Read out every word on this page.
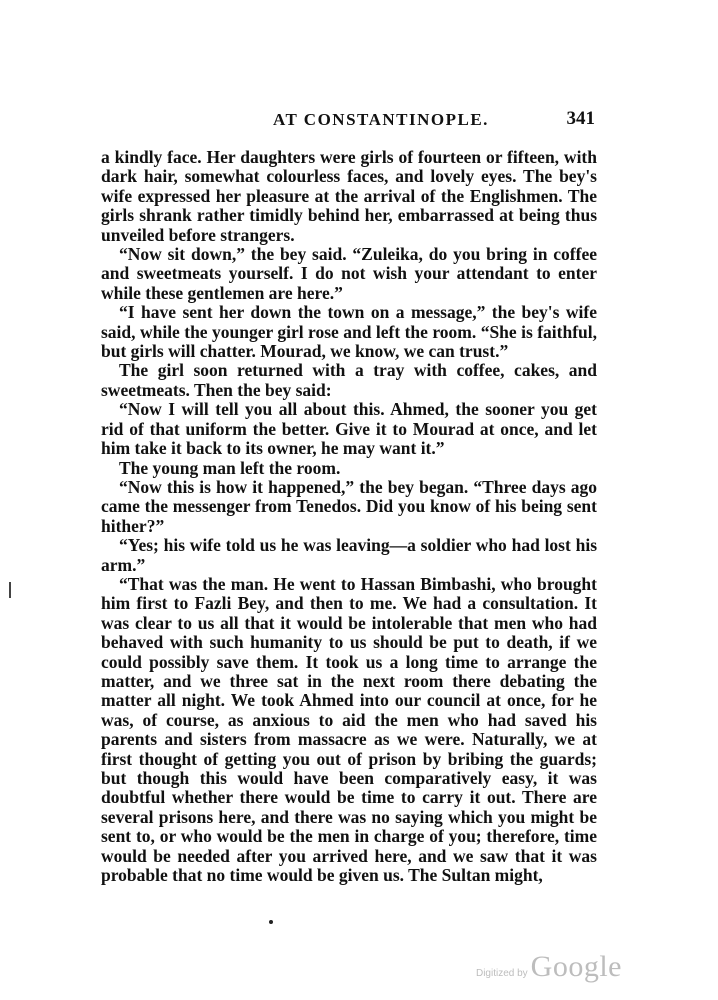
AT CONSTANTINOPLE.	341

a kindly face. Her daughters were girls of fourteen or fifteen, with dark hair, somewhat colourless faces, and lovely eyes. The bey's wife expressed her pleasure at the arrival of the Englishmen. The girls shrank rather timidly behind her, embarrassed at being thus unveiled before strangers.

“Now sit down,” the bey said. “Zuleika, do you bring in coffee and sweetmeats yourself. I do not wish your attendant to enter while these gentlemen are here.”

“I have sent her down the town on a message,” the bey's wife said, while the younger girl rose and left the room. “She is faithful, but girls will chatter. Mourad, we know, we can trust.”

The girl soon returned with a tray with coffee, cakes, and sweetmeats. Then the bey said:

“Now I will tell you all about this. Ahmed, the sooner you get rid of that uniform the better. Give it to Mourad at once, and let him take it back to its owner, he may want it.”

The young man left the room.

“Now this is how it happened,” the bey began. “Three days ago came the messenger from Tenedos. Did you know of his being sent hither?”

“Yes; his wife told us he was leaving—a soldier who had lost his arm.”

“That was the man. He went to Hassan Bimbashi, who brought him first to Fazli Bey, and then to me. We had a consultation. It was clear to us all that it would be intolerable that men who had behaved with such humanity to us should be put to death, if we could possibly save them. It took us a long time to arrange the matter, and we three sat in the next room there debating the matter all night. We took Ahmed into our council at once, for he was, of course, as anxious to aid the men who had saved his parents and sisters from massacre as we were. Naturally, we at first thought of getting you out of prison by bribing the guards; but though this would have been comparatively easy, it was doubtful whether there would be time to carry it out. There are several prisons here, and there was no saying which you might be sent to, or who would be the men in charge of you; therefore, time would be needed after you arrived here, and we saw that it was probable that no time would be given us. The Sultan might,

Digitized by Google
